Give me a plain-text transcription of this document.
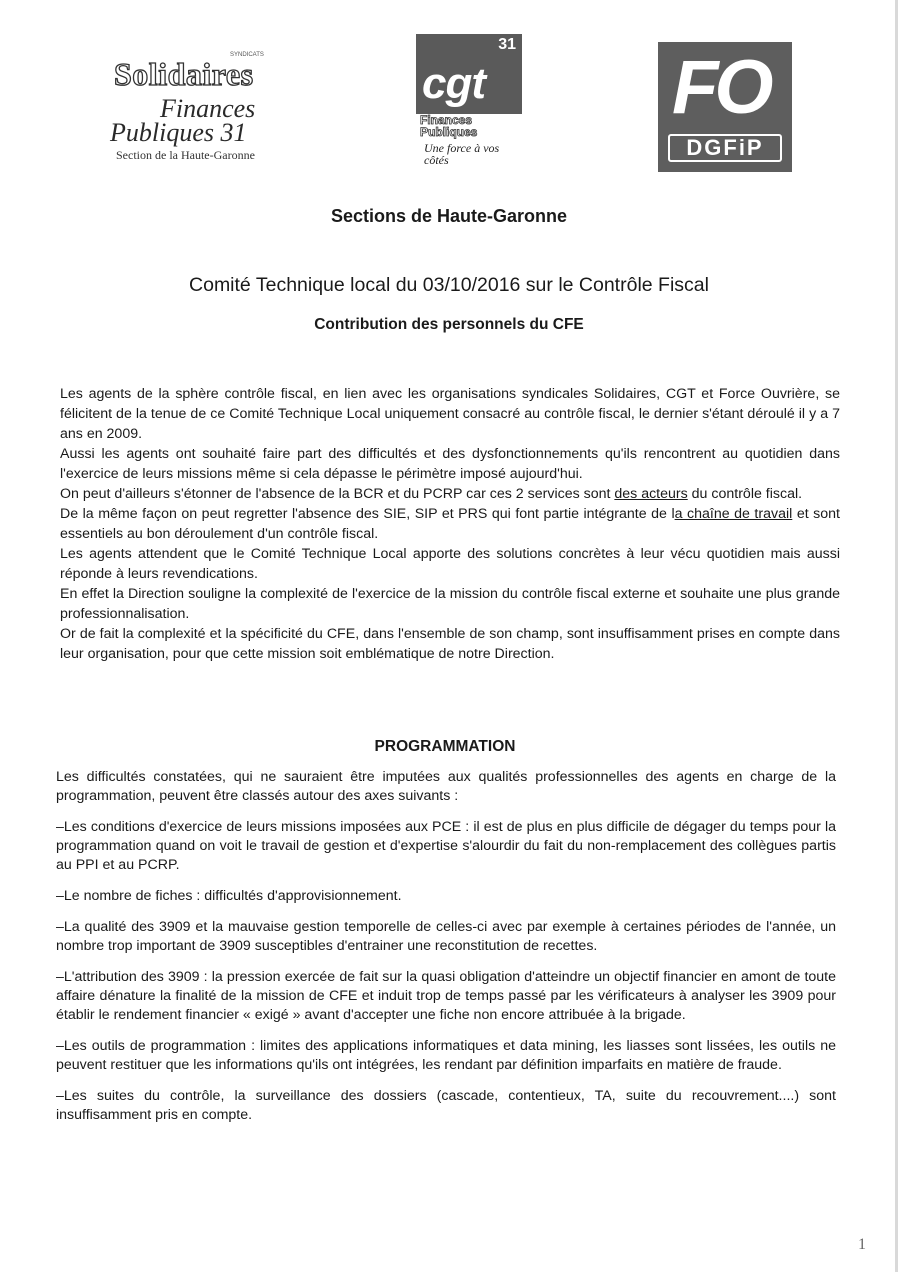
SYNDICATS
Solidaires
Finances
Publiques 31
Section de la Haute-Garonne
31
cgt
Finances Publiques
Une force à vos côtés
FO
DGFiP
Sections de Haute-Garonne
Comité Technique local du 03/10/2016 sur le Contrôle Fiscal
Contribution des personnels du CFE

Les agents de la sphère contrôle fiscal, en lien avec les organisations syndicales Solidaires, CGT et Force Ouvrière, se félicitent de la tenue de ce Comité Technique Local uniquement consacré au contrôle fiscal, le dernier s'étant déroulé il y a 7 ans en 2009.

Aussi les agents ont souhaité faire part des difficultés et des dysfonctionnements qu'ils rencontrent au quotidien dans l'exercice de leurs missions même si cela dépasse le périmètre imposé aujourd'hui.

On peut d'ailleurs s'étonner de l'absence de la BCR et du PCRP car ces 2 services sont des acteurs du contrôle fiscal.

De la même façon on peut regretter l'absence des SIE, SIP et PRS qui font partie intégrante de la chaîne de travail et sont essentiels au bon déroulement d'un contrôle fiscal.

Les agents attendent que le Comité Technique Local apporte des solutions concrètes à leur vécu quotidien mais aussi réponde à leurs revendications.

En effet la Direction souligne la complexité de l'exercice de la mission du contrôle fiscal externe et souhaite une plus grande professionnalisation.

Or de fait la complexité et la spécificité du CFE, dans l'ensemble de son champ, sont insuffisamment prises en compte dans leur organisation, pour que cette mission soit emblématique de notre Direction.

PROGRAMMATION

Les difficultés constatées, qui ne sauraient être imputées aux qualités professionnelles des agents en charge de la programmation, peuvent être classés autour des axes suivants :

–Les conditions d'exercice de leurs missions imposées aux PCE : il est de plus en plus difficile de dégager du temps pour la programmation quand on voit le travail de gestion et d'expertise s'alourdir du fait du non-remplacement des collègues partis au PPI et au PCRP.

–Le nombre de fiches : difficultés d'approvisionnement.

–La qualité des 3909 et la mauvaise gestion temporelle de celles-ci avec par exemple à certaines périodes de l'année, un nombre trop important de 3909 susceptibles d'entrainer une reconstitution de recettes.

–L'attribution des 3909 : la pression exercée de fait sur la quasi obligation d'atteindre un objectif financier en amont de toute affaire dénature la finalité de la mission de CFE et induit trop de temps passé par les vérificateurs à analyser les 3909 pour établir le rendement financier « exigé » avant d'accepter une fiche non encore attribuée à la brigade.

–Les outils de programmation : limites des applications informatiques et data mining, les liasses sont lissées, les outils ne peuvent restituer que les informations qu'ils ont intégrées, les rendant par définition imparfaits en matière de fraude.

–Les suites du contrôle, la surveillance des dossiers (cascade, contentieux, TA, suite du recouvrement....) sont insuffisamment pris en compte.

1
